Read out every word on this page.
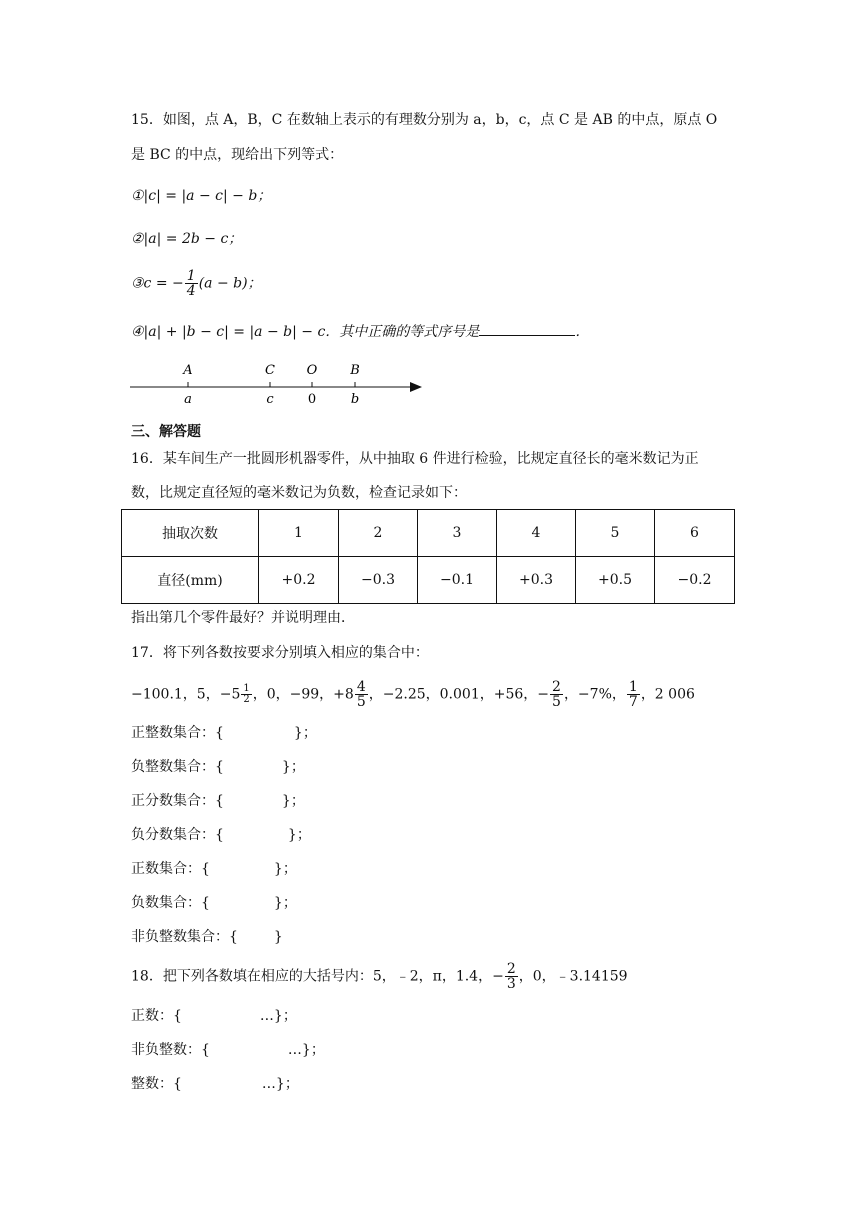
15．如图，点 A，B，C 在数轴上表示的有理数分别为 a，b，c，点 C 是 AB 的中点，原点 O
是 BC 的中点，现给出下列等式：
①|c| = |a − c| − b；
②|a| = 2b − c；
③c = − $\frac{1}{4} (a - b)$；
④|a| + |b − c| = |a − b| − c．其中正确的等式序号是	．
A	C O	B
a	c	0	b
三、解答题
16．某车间生产一批圆形机器零件，从中抽取 6 件进行检验，比规定直径长的毫米数记为正
数，比规定直径短的毫米数记为负数，检查记录如下：
抽取次数	1	2	3	4	5	6
直径(mm)	+0.2	−0.3	−0.1	+0.3	+0.5	−0.2
指出第几个零件最好？并说明理由．
17．将下列各数按要求分别填入相应的集合中：
−100.1，5，$-5 \frac{1}{2}$ ，0，−99，$+8 \frac{4}{5}$ ，−2.25，0.001，+56，− $\frac{2}{5}$ ，−7%， $\frac{1}{7}$ ，2 006
正整数集合：{	}；
负整数集合：{	}；
正分数集合：{	}；
负分数集合：{	}；
正数集合：{	}；
负数集合：{	}；
非负整数集合：{	}
18．把下列各数填在相应的大括号内：5，﹣2，π，1.4，− $\frac{2}{3}$ ，0，﹣3.14159
正数：{	…}；
非负整数：{	…}；
整数：{	…}；
